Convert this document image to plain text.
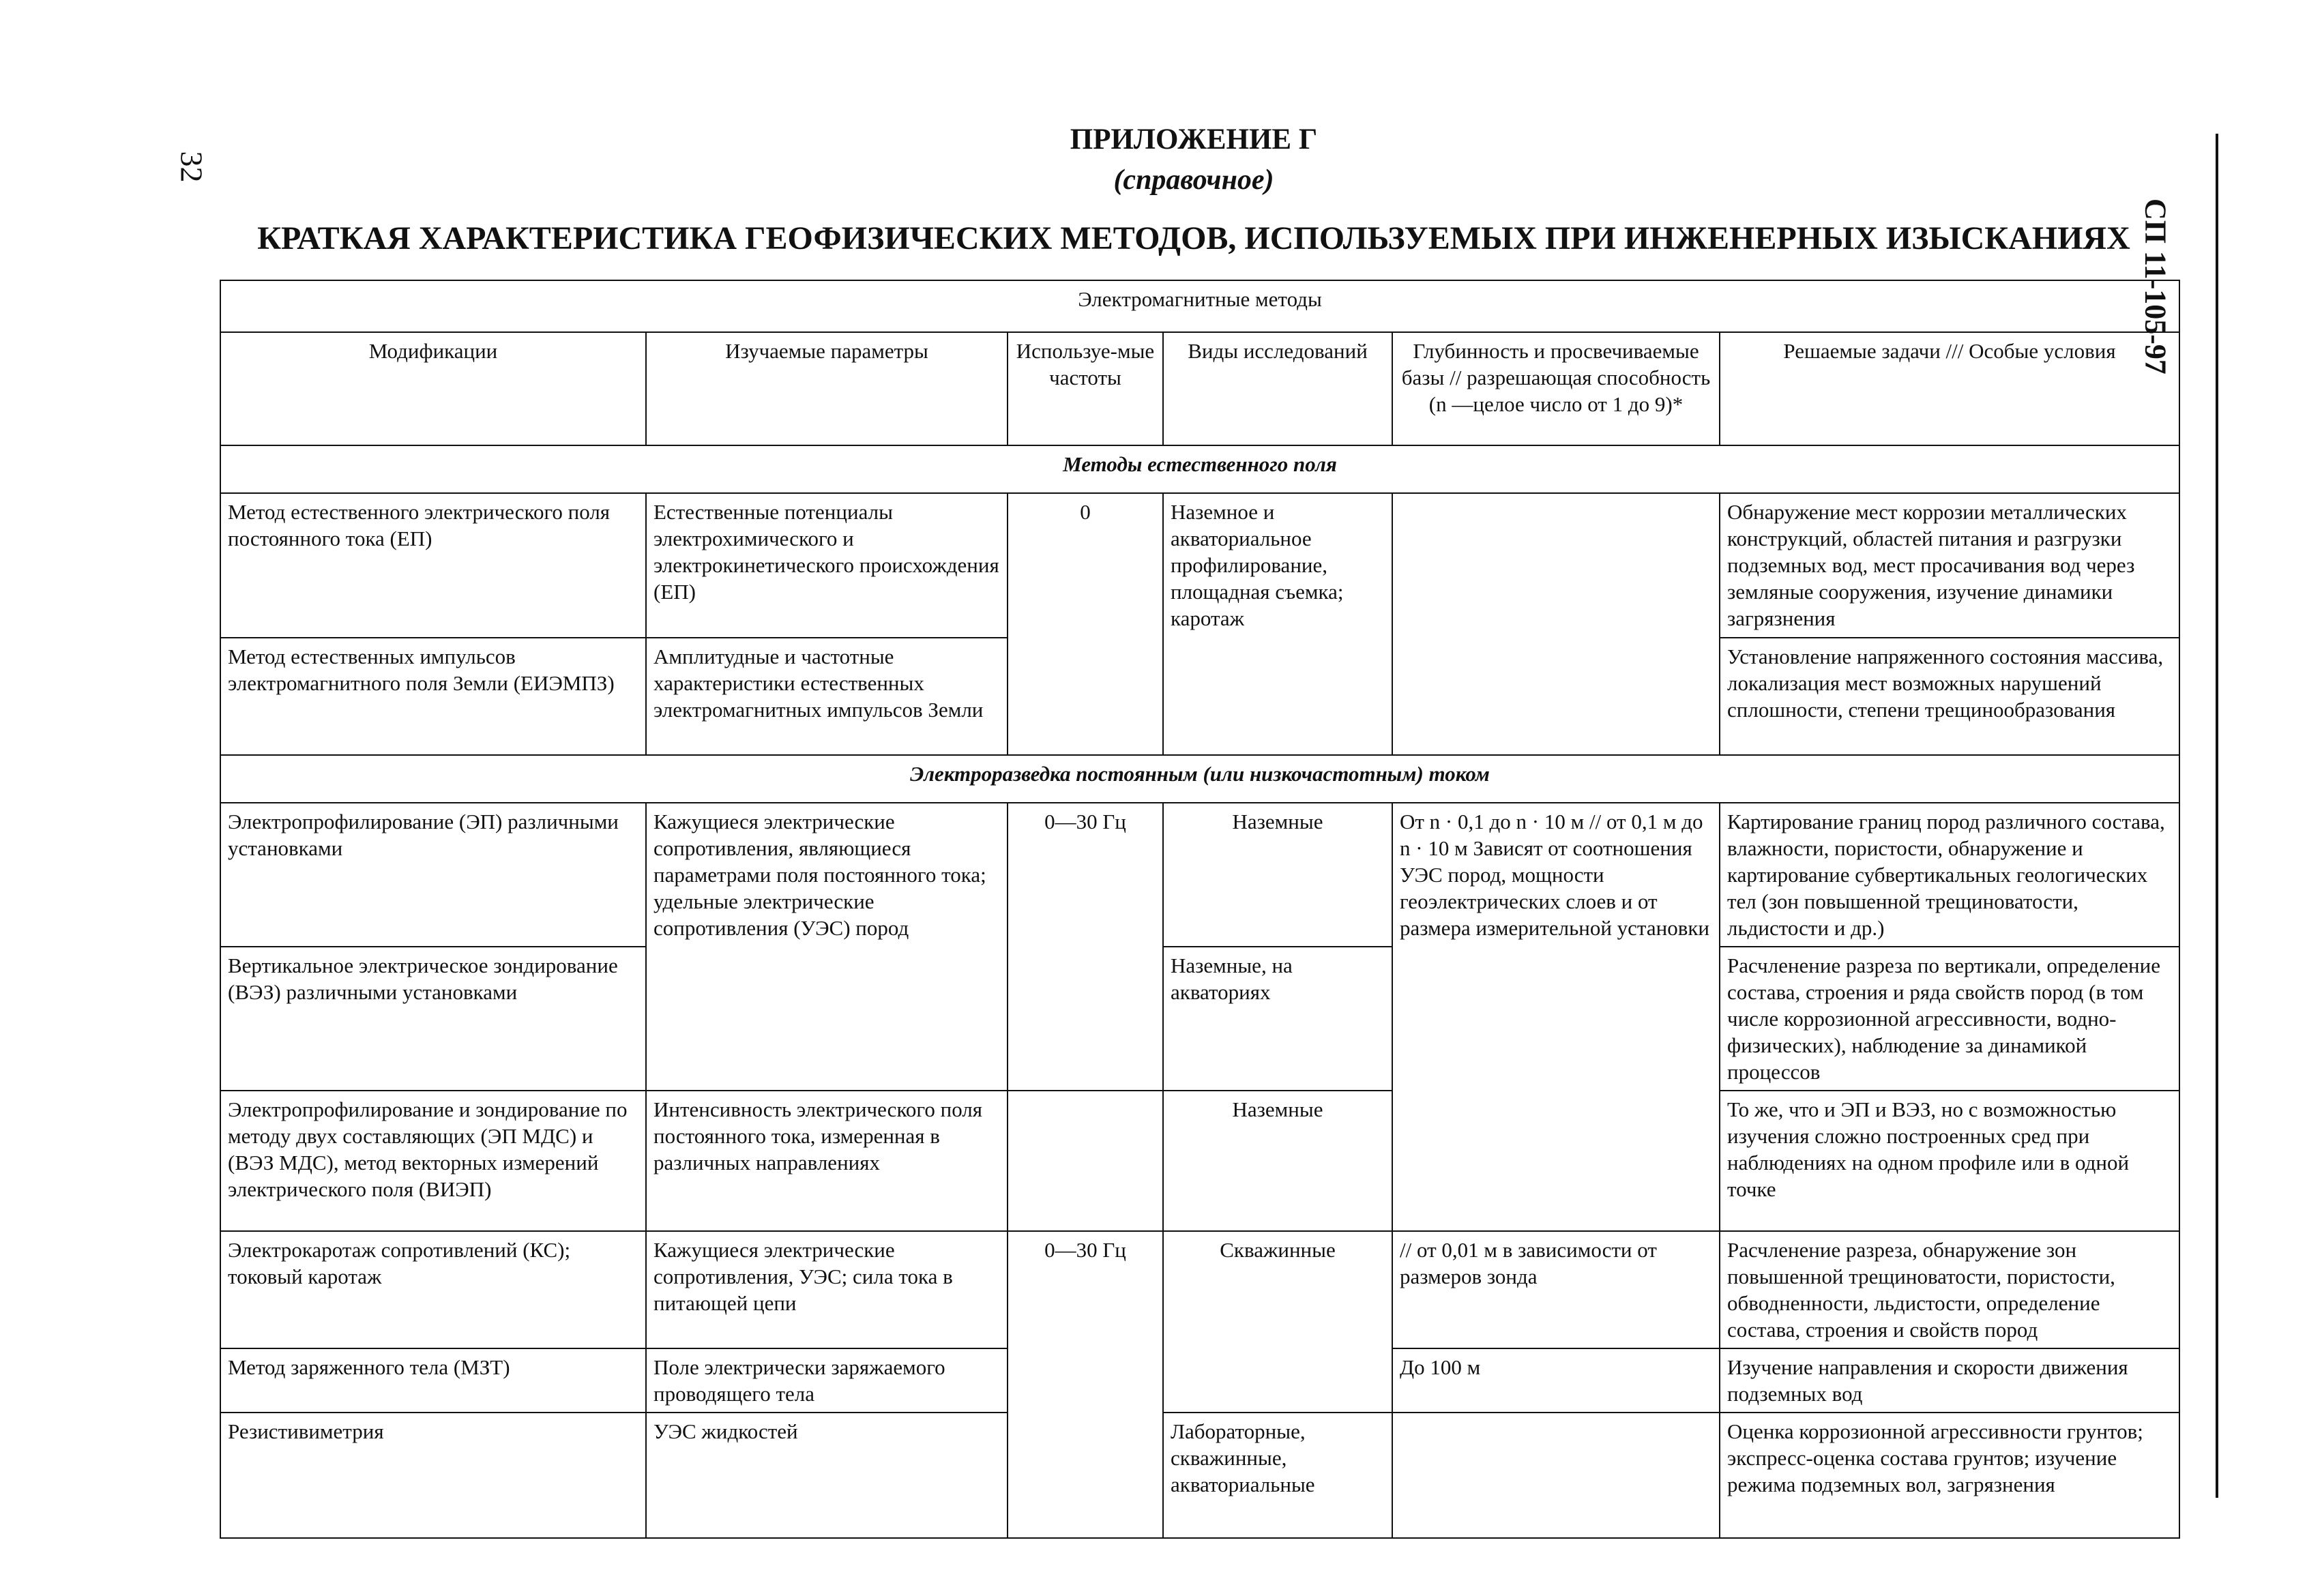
32
СП 11-105-97
ПРИЛОЖЕНИЕ Г
(справочное)
КРАТКАЯ ХАРАКТЕРИСТИКА ГЕОФИЗИЧЕСКИХ МЕТОДОВ, ИСПОЛЬЗУЕМЫХ ПРИ ИНЖЕНЕРНЫХ ИЗЫСКАНИЯХ
Электромагнитные методы					
Модификации	Изучаемые параметры	Используе-мые частоты	Виды исследований	Глубинность и просвечиваемые базы // разрешающая способность (n —целое число от 1 до 9)*	Решаемые задачи /// Особые условия
Методы естественного поля					
Метод естественного электрического поля постоянного тока (ЕП)	Естественные потенциалы электрохимического и электрокинетического происхождения (ЕП)	0	Наземное и акваториальное профилирование, площадная съемка; каротаж		Обнаружение мест коррозии металлических конструкций, областей питания и разгрузки подземных вод, мест просачивания вод через земляные сооружения, изучение динамики загрязнения
Метод естественных импульсов электромагнитного поля Земли (ЕИЭМПЗ)	Амплитудные и частотные характеристики естественных электромагнитных импульсов Земли				Установление напряженного состояния массива, локализация мест возможных нарушений сплошности, степени трещинообразования
Электроразведка постоянным (или низкочастотным) током					
Электропрофилирование (ЭП) различными установками	Кажущиеся электрические сопротивления, являющиеся параметрами поля постоянного тока; удельные электрические сопротивления (УЭС) пород	0—30 Гц	Наземные	От n · 0,1 до n · 10 м // от 0,1 м до n · 10 м Зависят от соотношения УЭС пород, мощности геоэлектрических слоев и от размера измерительной установки	Картирование границ пород различного состава, влажности, пористости, обнаружение и картирование субвертикальных геологических тел (зон повышенной трещиноватости, льдистости и др.)
Вертикальное электрическое зондирование (ВЭЗ) различными установками			Наземные, на акваториях		Расчленение разреза по вертикали, определение состава, строения и ряда свойств пород (в том числе коррозионной агрессивности, водно-физических), наблюдение за динамикой процессов
Электропрофилирование и зондирование по методу двух составляющих (ЭП МДС) и (ВЭЗ МДС), метод векторных измерений электрического поля (ВИЭП)	Интенсивность электрического поля постоянного тока, измеренная в различных направлениях		Наземные		То же, что и ЭП и ВЭЗ, но с возможностью изучения сложно построенных сред при наблюдениях на одном профиле или в одной точке
Электрокаротаж сопротивлений (КС); токовый каротаж	Кажущиеся электрические сопротивления, УЭС; сила тока в питающей цепи	0—30 Гц	Скважинные	// от 0,01 м в зависимости от размеров зонда	Расчленение разреза, обнаружение зон повышенной трещиноватости, пористости, обводненности, льдистости, определение состава, строения и свойств пород
Метод заряженного тела (МЗТ)	Поле электрически заряжаемого проводящего тела			До 100 м	Изучение направления и скорости движения подземных вод
Резистивиметрия	УЭС жидкостей		Лабораторные, скважинные, акваториальные		Оценка коррозионной агрессивности грунтов; экспресс-оценка состава грунтов; изучение режима подземных вол, загрязнения
